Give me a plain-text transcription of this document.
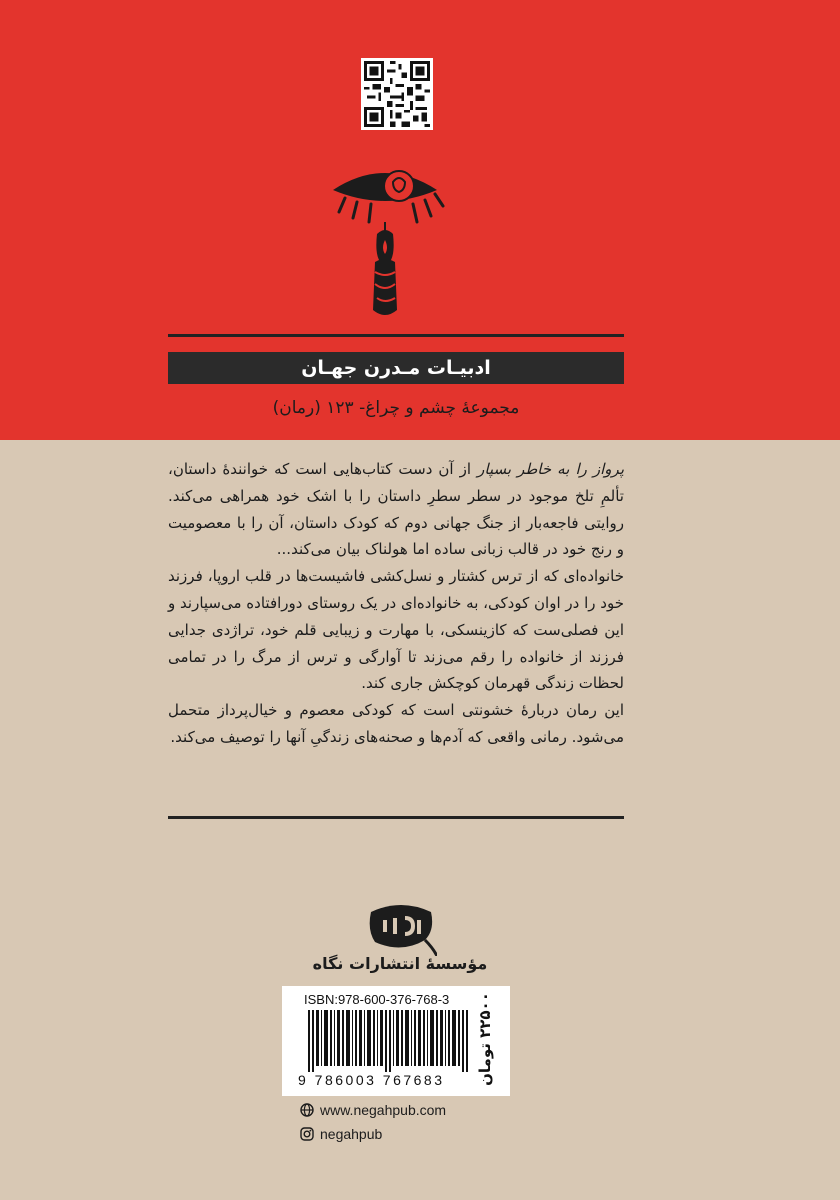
ادبیـات مـدرن جهـان
مجموعهٔ چشم و چراغ- ۱۲۳ (رمان)

پرواز را به خاطر بسپار از آن دست کتاب‌هایی است که خوانندهٔ داستان، تألمِ تلخ موجود در سطر سطرِ داستان را با اشک خود همراهی می‌کند. روایتی فاجعه‌بار از جنگ جهانی دوم که کودک داستان، آن را با معصومیت و رنج خود در قالب زبانی ساده اما هولناک بیان می‌کند...

خانواده‌ای که از ترس کشتار و نسل‌کشی فاشیست‌ها در قلب اروپا، فرزند خود را در اوان کودکی، به خانواده‌ای در یک روستای دورافتاده می‌سپارند و این فصلی‌ست که کازینسکی، با مهارت و زیبایی قلم خود، تراژدی جدایی فرزند از خانواده را رقم می‌زند تا آوارگی و ترس از مرگ را در تمامی لحظات زندگی قهرمان کوچکش جاری کند.

این رمان دربارهٔ خشونتی است که کودکی معصوم و خیال‌پرداز متحمل می‌شود. رمانی واقعی که آدم‌ها و صحنه‌های زندگیِ آنها را توصیف می‌کند.

مؤسسهٔ انتشارات نگاه
ISBN:978-600-376-768-3
9 786003 767683 ۲۲۵۰۰ تومان
www.negahpub.com
negahpub
